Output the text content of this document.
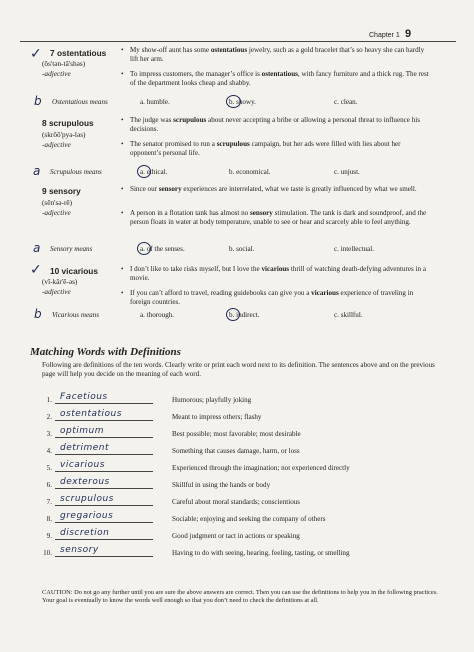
Chapter 1 9
✓ 7 ostentatious
(ŏs'tən-tā'shəs)
-adjective
• My show-off aunt has some ostentatious jewelry, such as a gold bracelet that’s so heavy she can hardly lift her arm.
• To impress customers, the manager’s office is ostentatious, with fancy furniture and a thick rug. The rest of the department looks cheap and shabby.
b Ostentatious means	a. humble.	b. showy.	c. clean.
8 scrupulous
(skrōō'pyə-ləs)
-adjective
• The judge was scrupulous about never accepting a bribe or allowing a personal threat to influence his decisions.
• The senator promised to run a scrupulous campaign, but her ads were filled with lies about her opponent’s personal life.
a Scrupulous means	a. ethical.	b. economical.	c. unjust.
9 sensory
(sĕn'sə-rē)
-adjective
• Since our sensory experiences are interrelated, what we taste is greatly influenced by what we smell.
• A person in a flotation tank has almost no sensory stimulation. The tank is dark and soundproof, and the person floats in water at body temperature, unable to see or hear and scarcely able to feel anything.
a Sensory means	a. of the senses.	b. social.	c. intellectual.
✓ 10 vicarious
(vī-kâr'ē-əs)
-adjective
• I don’t like to take risks myself, but I love the vicarious thrill of watching death-defying adventures in a movie.
• If you can’t afford to travel, reading guidebooks can give you a vicarious experience of traveling in foreign countries.
b Vicarious means	a. thorough.	b. indirect.	c. skillful.
Matching Words with Definitions
Following are definitions of the ten words. Clearly write or print each word next to its definition. The sentences above and on the previous page will help you decide on the meaning of each word.
1. Facetious	Humorous; playfully joking
2. ostentatious	Meant to impress others; flashy
3. optimum	Best possible; most favorable; most desirable
4. detriment	Something that causes damage, harm, or loss
5. vicarious	Experienced through the imagination; not experienced directly
6. dexterous	Skillful in using the hands or body
7. scrupulous	Careful about moral standards; conscientious
8. gregarious	Sociable; enjoying and seeking the company of others
9. discretion	Good judgment or tact in actions or speaking
10. sensory	Having to do with seeing, hearing, feeling, tasting, or smelling
CAUTION: Do not go any further until you are sure the above answers are correct. Then you can use the definitions to help you in the following practices. Your goal is eventually to know the words well enough so that you don’t need to check the definitions at all.
